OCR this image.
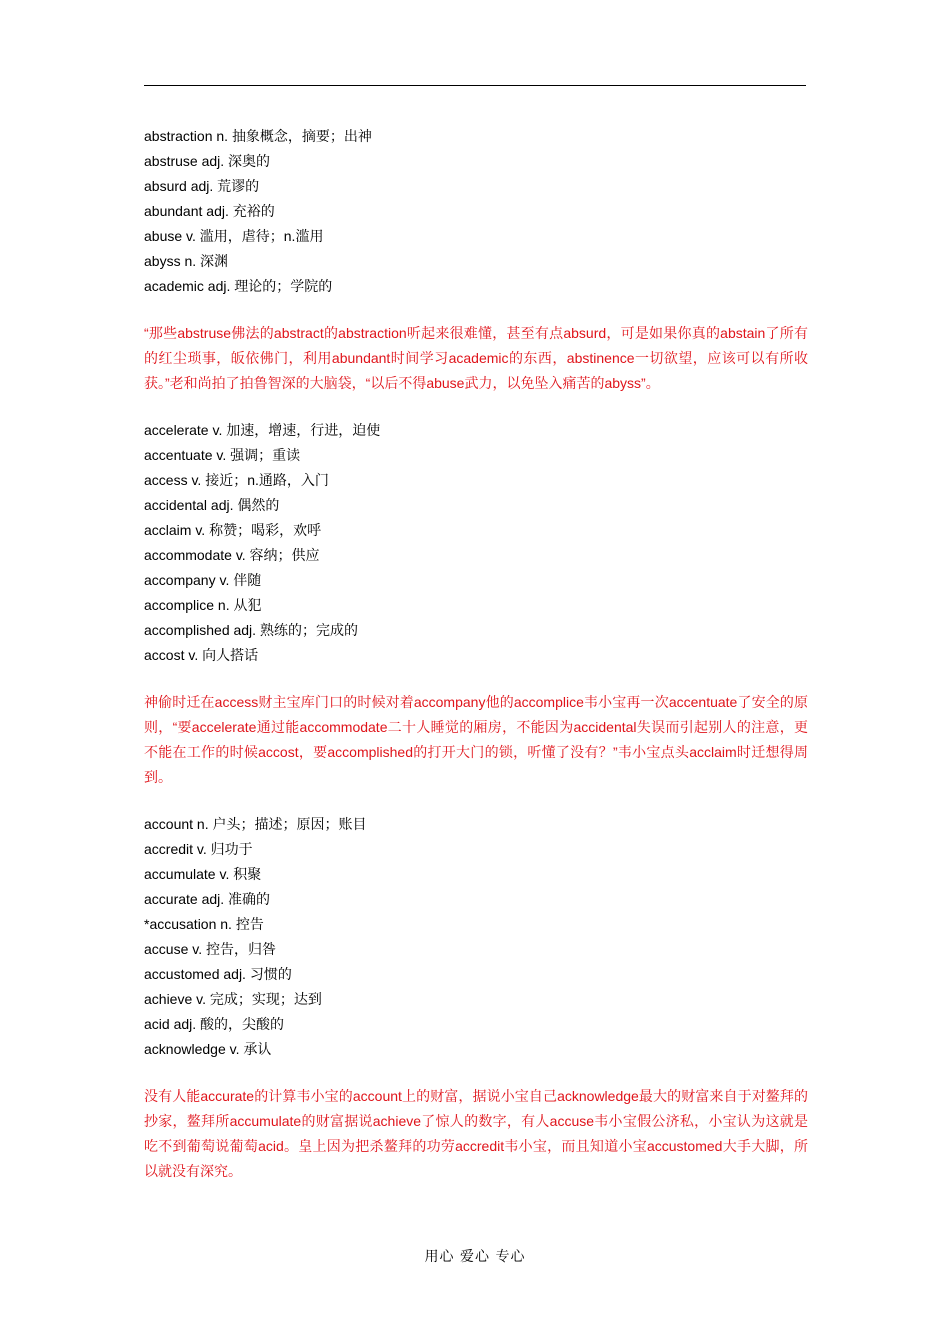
abstraction n. 抽象概念，摘要；出神
abstruse adj. 深奥的
absurd adj. 荒谬的
abundant adj. 充裕的
abuse v. 滥用，虐待；n.滥用
abyss n. 深渊
academic adj. 理论的；学院的

“那些abstruse佛法的abstract的abstraction听起来很难懂，甚至有点absurd，可是如果你真的abstain了所有的红尘琐事，皈依佛门，利用abundant时间学习academic的东西，abstinence一切欲望，应该可以有所收获。”老和尚拍了拍鲁智深的大脑袋，“以后不得abuse武力，以免坠入痛苦的abyss”。

accelerate v. 加速，增速，行进，迫使
accentuate v. 强调；重读
access v. 接近；n.通路，入门
accidental adj. 偶然的
acclaim v. 称赞；喝彩，欢呼
accommodate v. 容纳；供应
accompany v. 伴随
accomplice n. 从犯
accomplished adj. 熟练的；完成的
accost v. 向人搭话

神偷时迁在access财主宝库门口的时候对着accompany他的accomplice韦小宝再一次accentuate了安全的原则，“要accelerate通过能accommodate二十人睡觉的厢房，不能因为accidental失误而引起别人的注意，更不能在工作的时候accost，要accomplished的打开大门的锁，听懂了没有？”韦小宝点头acclaim时迁想得周到。

account n. 户头；描述；原因；账目
accredit v. 归功于
accumulate v. 积聚
accurate adj. 准确的
*accusation n. 控告
accuse v. 控告，归咎
accustomed adj. 习惯的
achieve v. 完成；实现；达到
acid adj. 酸的，尖酸的
acknowledge v. 承认

没有人能accurate的计算韦小宝的account上的财富，据说小宝自己acknowledge最大的财富来自于对鳌拜的抄家，鳌拜所accumulate的财富据说achieve了惊人的数字，有人accuse韦小宝假公济私，小宝认为这就是吃不到葡萄说葡萄acid。皇上因为把杀鳌拜的功劳accredit韦小宝，而且知道小宝accustomed大手大脚，所以就没有深究。

用心 爱心 专心
